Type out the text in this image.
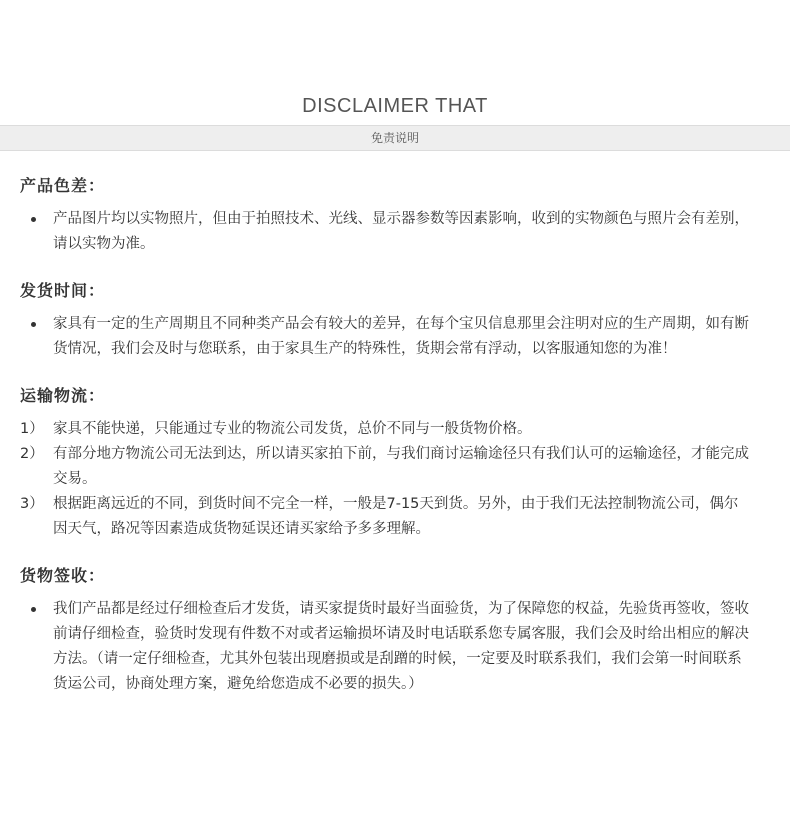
DISCLAIMER THAT
免责说明
产品色差：
产品图片均以实物照片，但由于拍照技术、光线、显示器参数等因素影响，收到的实物颜色与照片会有差别，请以实物为准。
发货时间：
家具有一定的生产周期且不同种类产品会有较大的差异，在每个宝贝信息那里会注明对应的生产周期，如有断货情况，我们会及时与您联系，由于家具生产的特殊性，货期会常有浮动，以客服通知您的为准！
运输物流：
1） 家具不能快递，只能通过专业的物流公司发货，总价不同与一般货物价格。
2） 有部分地方物流公司无法到达，所以请买家拍下前，与我们商讨运输途径只有我们认可的运输途径，才能完成交易。
3） 根据距离远近的不同，到货时间不完全一样，一般是7-15天到货。另外，由于我们无法控制物流公司，偶尔因天气，路况等因素造成货物延误还请买家给予多多理解。
货物签收：
我们产品都是经过仔细检查后才发货，请买家提货时最好当面验货，为了保障您的权益，先验货再签收，签收前请仔细检查，验货时发现有件数不对或者运输损坏请及时电话联系您专属客服，我们会及时给出相应的解决方法。（请一定仔细检查，尤其外包装出现磨损或是刮蹭的时候，一定要及时联系我们，我们会第一时间联系货运公司，协商处理方案，避免给您造成不必要的损失。）
